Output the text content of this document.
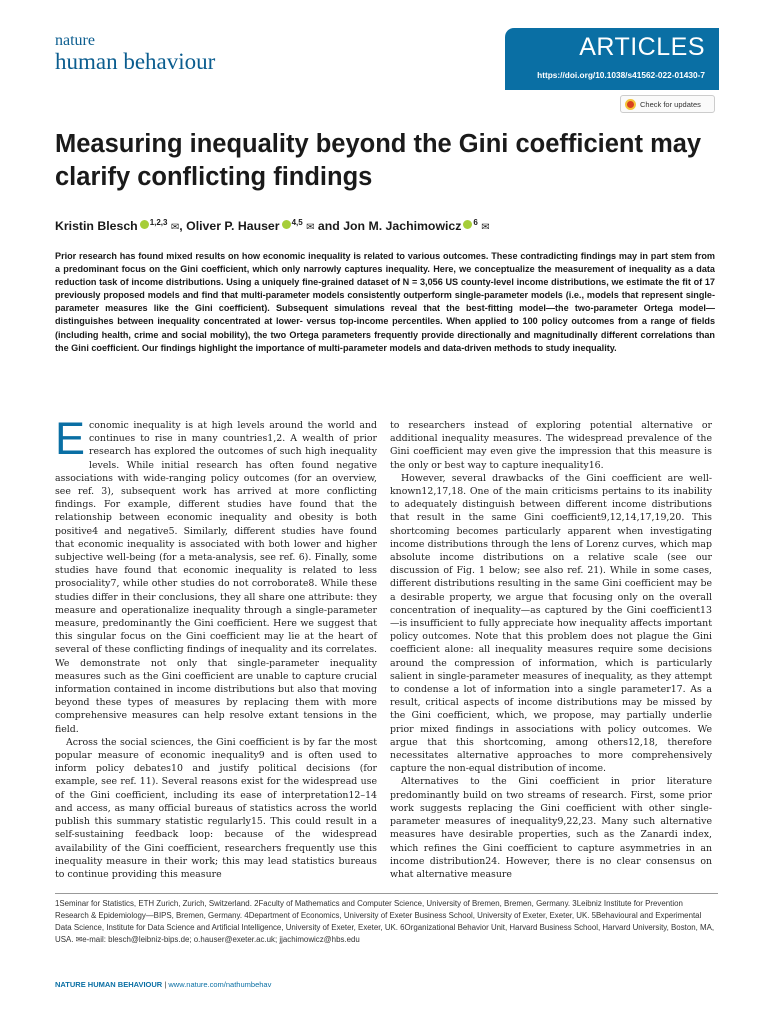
nature
human behaviour
ARTICLES
https://doi.org/10.1038/s41562-022-01430-7
Check for updates
Measuring inequality beyond the Gini coefficient may clarify conflicting findings
Kristin Blesch $^{1,2,3}$ ✉, Oliver P. Hauser $^{4,5}$ ✉ and Jon M. Jachimowicz $^6$ ✉
Prior research has found mixed results on how economic inequality is related to various outcomes. These contradicting findings may in part stem from a predominant focus on the Gini coefficient, which only narrowly captures inequality. Here, we conceptualize the measurement of inequality as a data reduction task of income distributions. Using a uniquely fine-grained dataset of N = 3,056 US county-level income distributions, we estimate the fit of 17 previously proposed models and find that multi-parameter models consistently outperform single-parameter models (i.e., models that represent single-parameter measures like the Gini coefficient). Subsequent simulations reveal that the best-fitting model—the two-parameter Ortega model—distinguishes between inequality concentrated at lower- versus top-income percentiles. When applied to 100 policy outcomes from a range of fields (including health, crime and social mobility), the two Ortega parameters frequently provide directionally and magnitudinally different correlations than the Gini coefficient. Our findings highlight the importance of multi-parameter models and data-driven methods to study inequality.

Economic inequality is at high levels around the world and continues to rise in many countries1,2. A wealth of prior research has explored the outcomes of such high inequality levels. While initial research has often found negative associations with wide-ranging policy outcomes (for an overview, see ref. 3), subsequent work has arrived at more conflicting findings. For example, different studies have found that the relationship between economic inequality and obesity is both positive4 and negative5. Similarly, different studies have found that economic inequality is associated with both lower and higher subjective well-being (for a meta-analysis, see ref. 6). Finally, some studies have found that economic inequality is related to less prosociality7, while other studies do not corroborate8. While these studies differ in their conclusions, they all share one attribute: they measure and operationalize inequality through a single-parameter measure, predominantly the Gini coefficient. Here we suggest that this singular focus on the Gini coefficient may lie at the heart of several of these conflicting findings of inequality and its correlates. We demonstrate not only that single-parameter inequality measures such as the Gini coefficient are unable to capture crucial information contained in income distributions but also that moving beyond these types of measures by replacing them with more comprehensive measures can help resolve extant tensions in the field.

Across the social sciences, the Gini coefficient is by far the most popular measure of economic inequality9 and is often used to inform policy debates10 and justify political decisions (for example, see ref. 11). Several reasons exist for the widespread use of the Gini coefficient, including its ease of interpretation12–14 and access, as many official bureaus of statistics across the world publish this summary statistic regularly15. This could result in a self-sustaining feedback loop: because of the widespread availability of the Gini coefficient, researchers frequently use this inequality measure in their work; this may lead statistics bureaus to continue providing this measure

to researchers instead of exploring potential alternative or additional inequality measures. The widespread prevalence of the Gini coefficient may even give the impression that this measure is the only or best way to capture inequality16.

However, several drawbacks of the Gini coefficient are well-known12,17,18. One of the main criticisms pertains to its inability to adequately distinguish between different income distributions that result in the same Gini coefficient9,12,14,17,19,20. This shortcoming becomes particularly apparent when investigating income distributions through the lens of Lorenz curves, which map absolute income distributions on a relative scale (see our discussion of Fig. 1 below; see also ref. 21). While in some cases, different distributions resulting in the same Gini coefficient may be a desirable property, we argue that focusing only on the overall concentration of inequality—as captured by the Gini coefficient13—is insufficient to fully appreciate how inequality affects important policy outcomes. Note that this problem does not plague the Gini coefficient alone: all inequality measures require some decisions around the compression of information, which is particularly salient in single-parameter measures of inequality, as they attempt to condense a lot of information into a single parameter17. As a result, critical aspects of income distributions may be missed by the Gini coefficient, which, we propose, may partially underlie prior mixed findings in associations with policy outcomes. We argue that this shortcoming, among others12,18, therefore necessitates alternative approaches to more comprehensively capture the non-equal distribution of income.

Alternatives to the Gini coefficient in prior literature predominantly build on two streams of research. First, some prior work suggests replacing the Gini coefficient with other single-parameter measures of inequality9,22,23. Many such alternative measures have desirable properties, such as the Zanardi index, which refines the Gini coefficient to capture asymmetries in an income distribution24. However, there is no clear consensus on what alternative measure

1Seminar for Statistics, ETH Zurich, Zurich, Switzerland. 2Faculty of Mathematics and Computer Science, University of Bremen, Bremen, Germany. 3Leibniz Institute for Prevention Research & Epidemiology—BIPS, Bremen, Germany. 4Department of Economics, University of Exeter Business School, University of Exeter, Exeter, UK. 5Behavioural and Experimental Data Science, Institute for Data Science and Artificial Intelligence, University of Exeter, Exeter, UK. 6Organizational Behavior Unit, Harvard Business School, Harvard University, Boston, MA, USA. ✉e-mail: blesch@leibniz-bips.de; o.hauser@exeter.ac.uk; jjachimowicz@hbs.edu
NATURE HUMAN BEHAVIOUR | www.nature.com/nathumbehav
